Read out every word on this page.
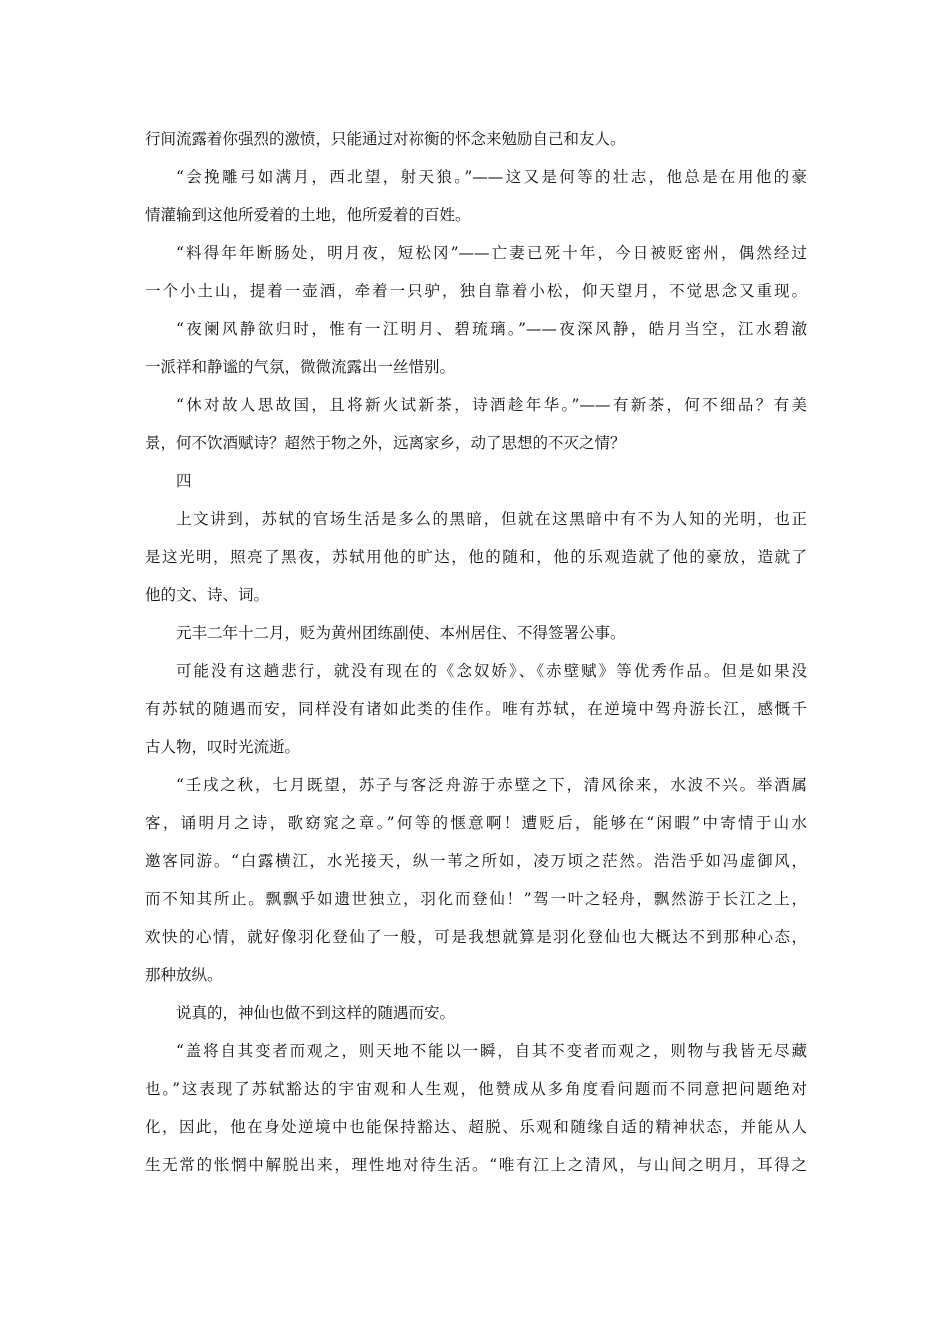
行间流露着你强烈的激愤，只能通过对祢衡的怀念来勉励自己和友人。
“会挽雕弓如满月，西北望，射天狼。”——这又是何等的壮志，他总是在用他的豪
情灌输到这他所爱着的土地，他所爱着的百姓。
“料得年年断肠处，明月夜，短松冈”——亡妻已死十年，今日被贬密州，偶然经过
一个小土山，提着一壶酒，牵着一只驴，独自靠着小松，仰天望月，不觉思念又重现。
“夜阑风静欲归时，惟有一江明月、碧琉璃。”——夜深风静，皓月当空，江水碧澈
一派祥和静谧的气氛，微微流露出一丝惜别。
“休对故人思故国，且将新火试新茶，诗酒趁年华。”——有新茶，何不细品？有美
景，何不饮酒赋诗？超然于物之外，远离家乡，动了思想的不灭之情？
四
上文讲到，苏轼的官场生活是多么的黑暗，但就在这黑暗中有不为人知的光明，也正
是这光明，照亮了黑夜，苏轼用他的旷达，他的随和，他的乐观造就了他的豪放，造就了
他的文、诗、词。
元丰二年十二月，贬为黄州团练副使、本州居住、不得签署公事。
可能没有这趟悲行，就没有现在的《念奴娇》、《赤壁赋》等优秀作品。但是如果没
有苏轼的随遇而安，同样没有诸如此类的佳作。唯有苏轼，在逆境中驾舟游长江，感慨千
古人物，叹时光流逝。
“壬戌之秋，七月既望，苏子与客泛舟游于赤壁之下，清风徐来，水波不兴。举酒属
客，诵明月之诗，歌窈窕之章。”何等的惬意啊！遭贬后，能够在“闲暇”中寄情于山水
邀客同游。“白露横江，水光接天，纵一苇之所如，凌万顷之茫然。浩浩乎如冯虚御风，
而不知其所止。飘飘乎如遗世独立，羽化而登仙！”驾一叶之轻舟，飘然游于长江之上，
欢快的心情，就好像羽化登仙了一般，可是我想就算是羽化登仙也大概达不到那种心态，
那种放纵。
说真的，神仙也做不到这样的随遇而安。
“盖将自其变者而观之，则天地不能以一瞬，自其不变者而观之，则物与我皆无尽藏
也。”这表现了苏轼豁达的宇宙观和人生观，他赞成从多角度看问题而不同意把问题绝对
化，因此，他在身处逆境中也能保持豁达、超脱、乐观和随缘自适的精神状态，并能从人
生无常的怅惘中解脱出来，理性地对待生活。“唯有江上之清风，与山间之明月，耳得之
